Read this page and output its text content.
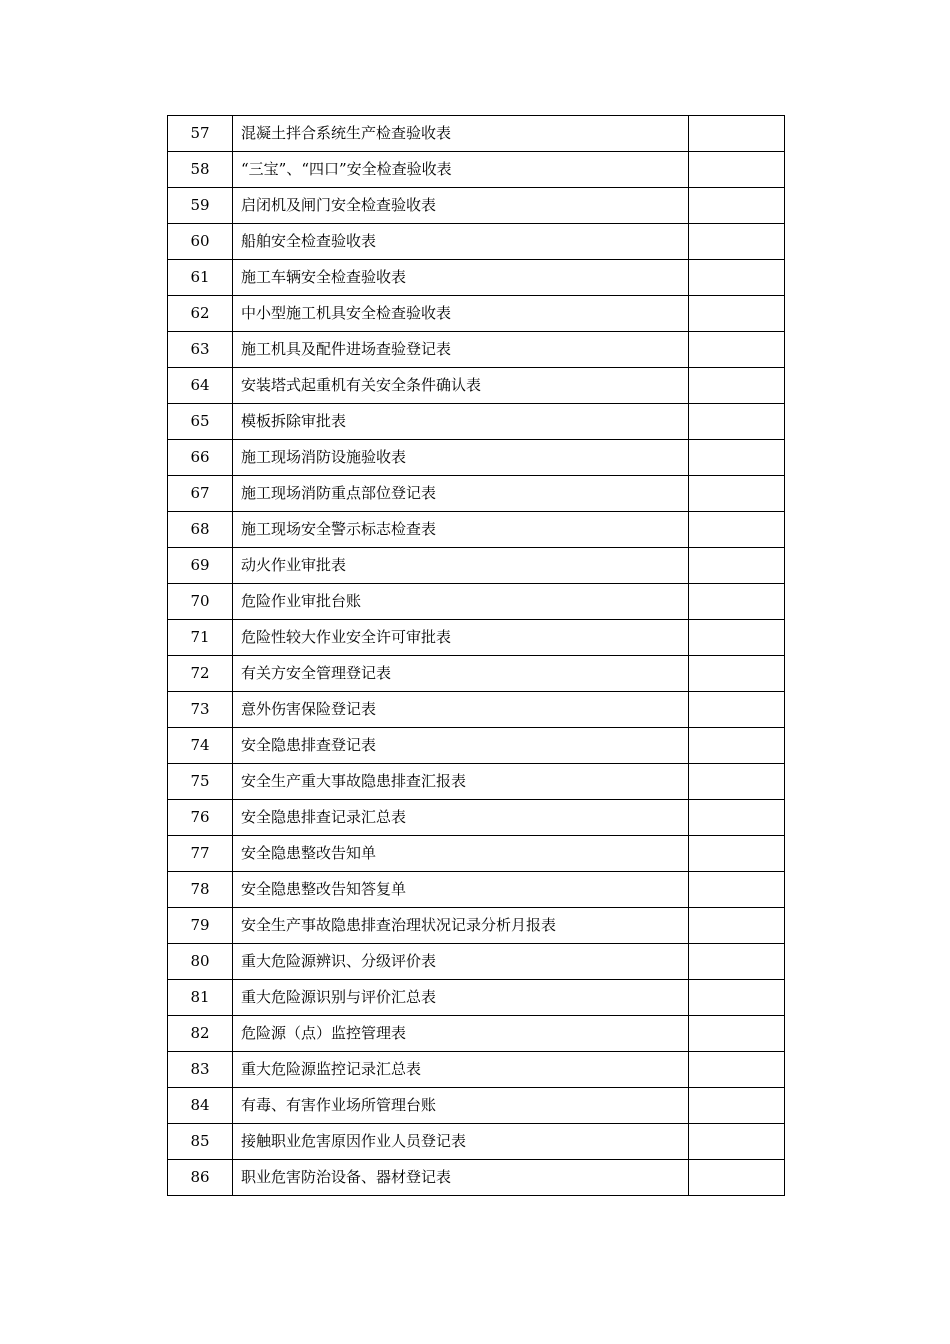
57	混凝土拌合系统生产检查验收表	
58	“三宝”、“四口”安全检查验收表	
59	启闭机及闸门安全检查验收表	
60	船舶安全检查验收表	
61	施工车辆安全检查验收表	
62	中小型施工机具安全检查验收表	
63	施工机具及配件进场查验登记表	
64	安装塔式起重机有关安全条件确认表	
65	模板拆除审批表	
66	施工现场消防设施验收表	
67	施工现场消防重点部位登记表	
68	施工现场安全警示标志检查表	
69	动火作业审批表	
70	危险作业审批台账	
71	危险性较大作业安全许可审批表	
72	有关方安全管理登记表	
73	意外伤害保险登记表	
74	安全隐患排查登记表	
75	安全生产重大事故隐患排查汇报表	
76	安全隐患排查记录汇总表	
77	安全隐患整改告知单	
78	安全隐患整改告知答复单	
79	安全生产事故隐患排查治理状况记录分析月报表	
80	重大危险源辨识、分级评价表	
81	重大危险源识别与评价汇总表	
82	危险源（点）监控管理表	
83	重大危险源监控记录汇总表	
84	有毒、有害作业场所管理台账	
85	接触职业危害原因作业人员登记表	
86	职业危害防治设备、器材登记表	
